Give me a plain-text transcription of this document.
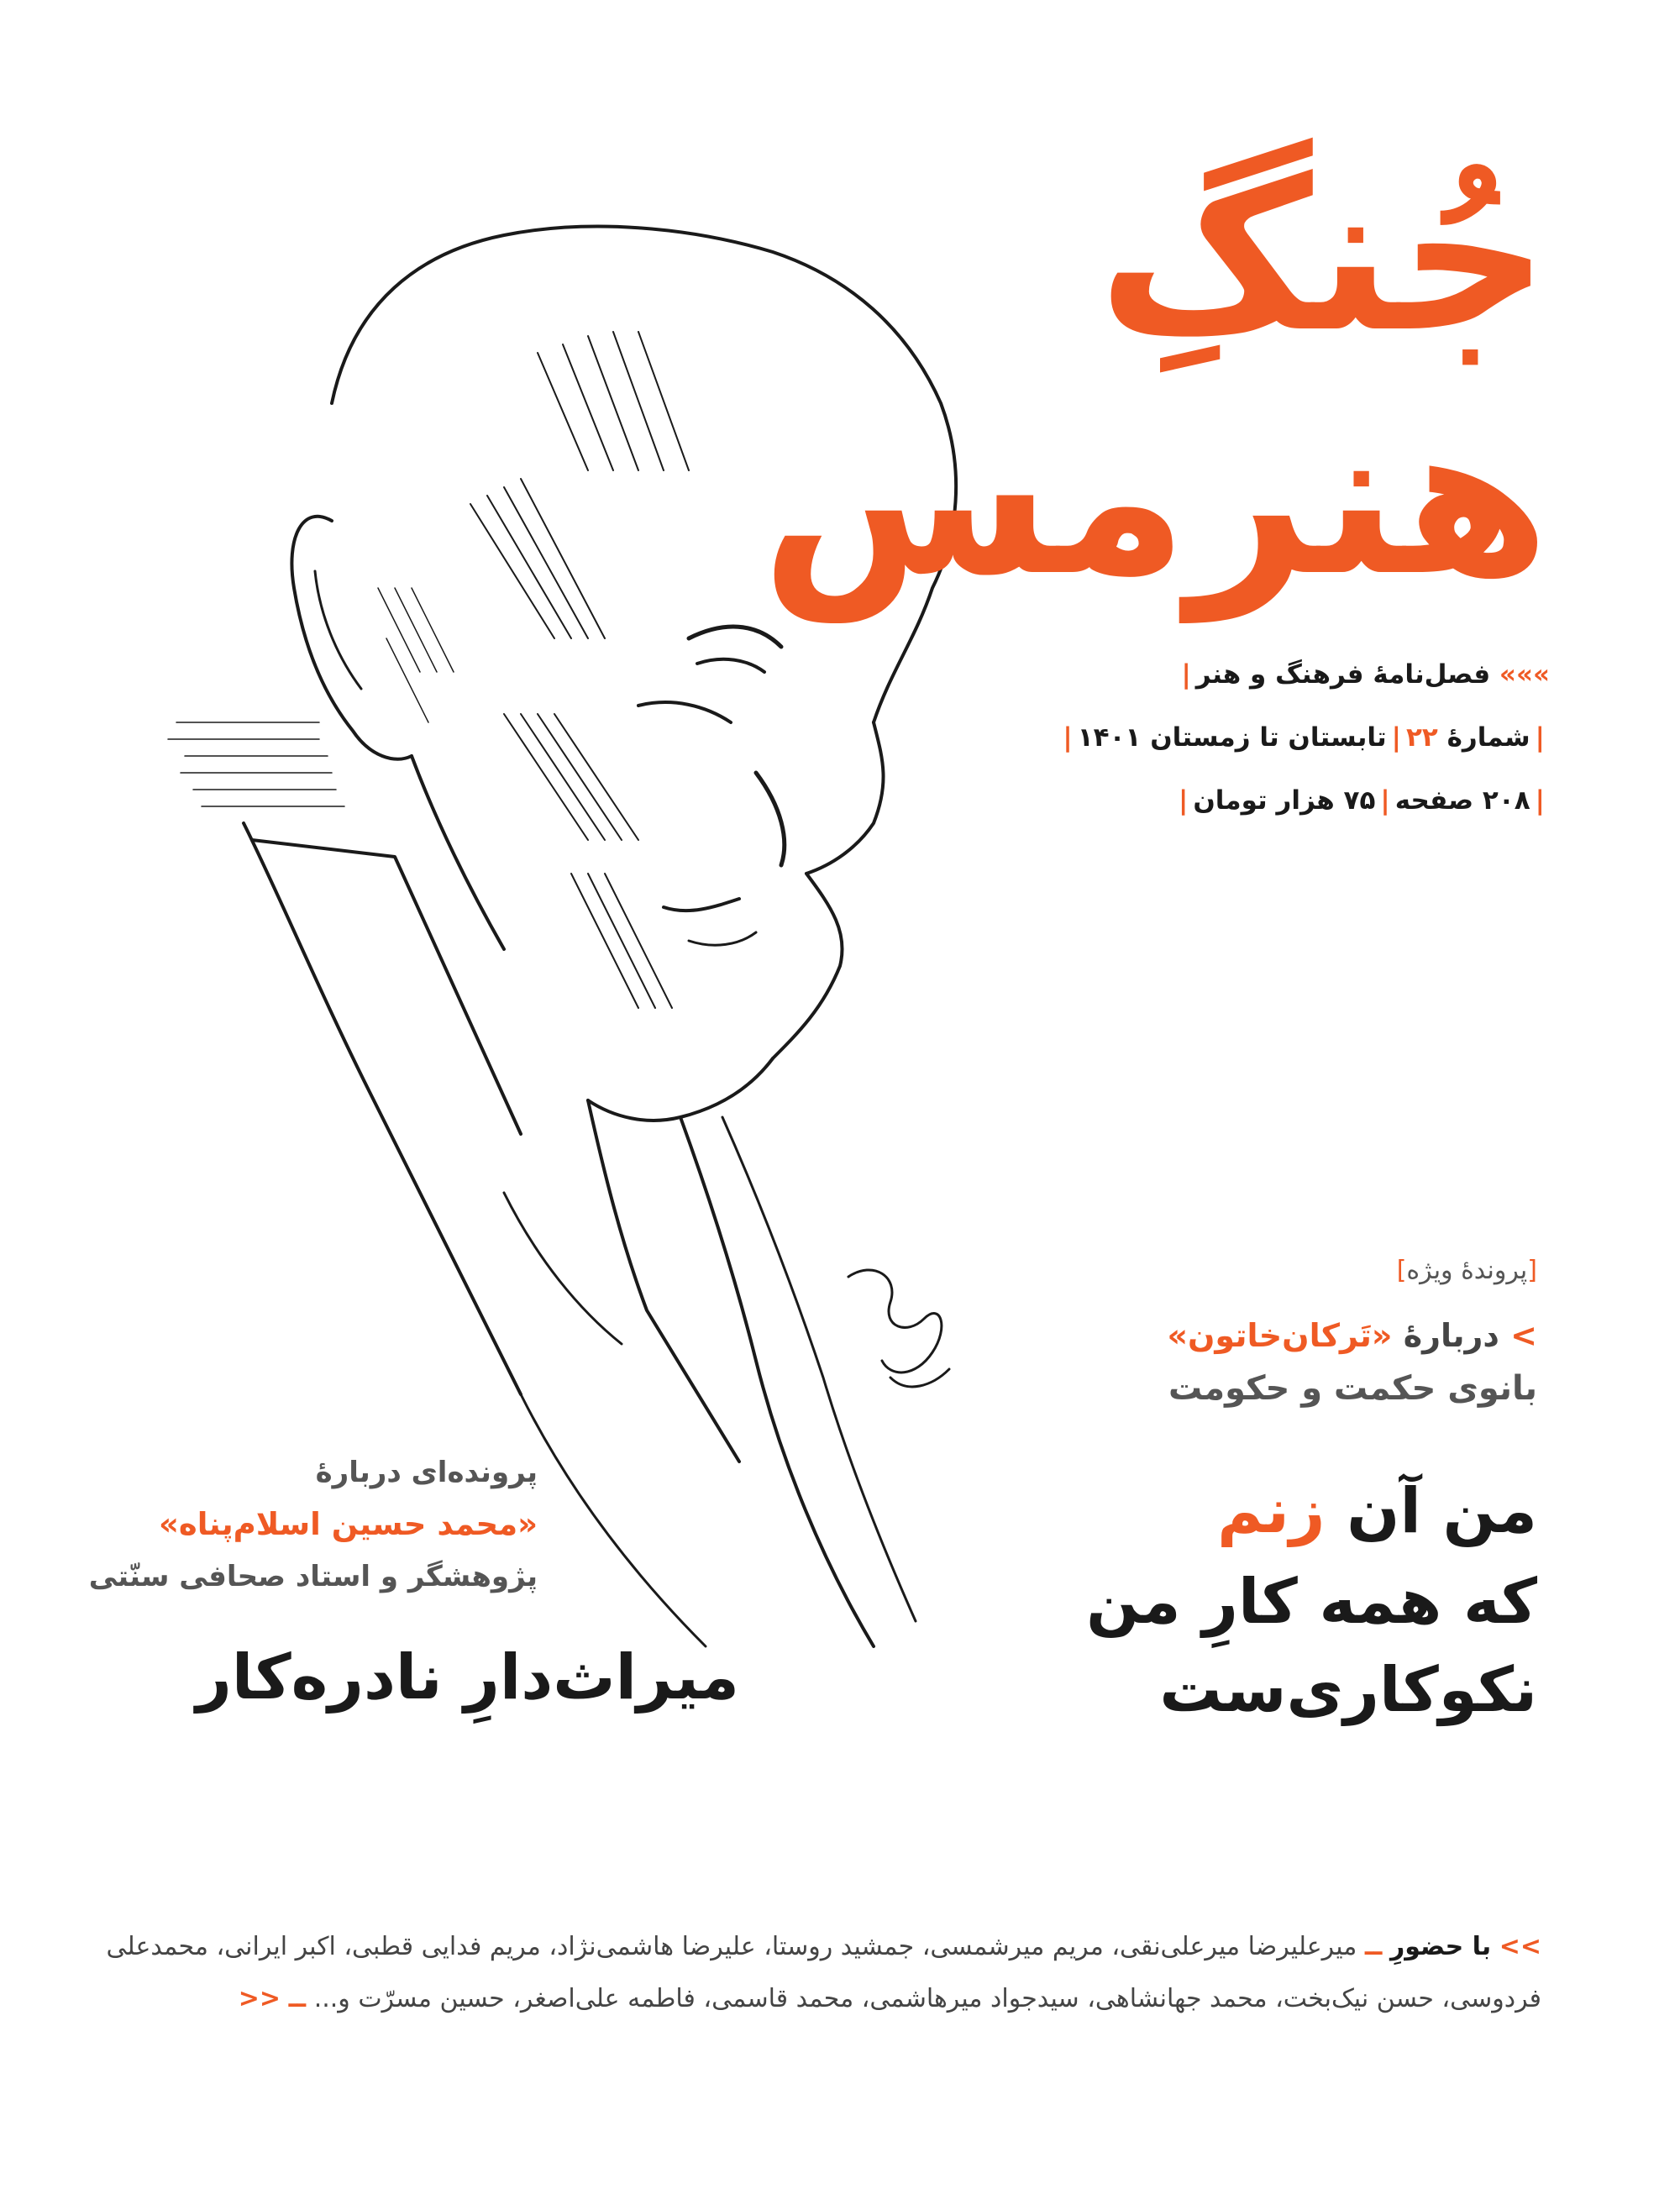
جُنگِ
هنرمس
»»» فصل‌نامهٔ فرهنگ و هنر|
|شمارهٔ ۲۲|تابستان تا زمستان ۱۴۰۱|
|۲۰۸ صفحه|۷۵ هزار تومان|
[پروندهٔ ویژه]
> دربارهٔ «تَرکان‌خاتون»
بانوی حکمت و حکومت
من آن زنم
که همه کارِ من
نکوکاری‌ست
پرونده‌ای دربارهٔ
«محمد حسین اسلام‌پناه»
پژوهشگر و استاد صحافی سنّتی
میراث‌دارِ نادره‌کار
>> با حضورِ ــ میرعلیرضا میرعلی‌نقی، مریم میرشمسی، جمشید روستا، علیرضا هاشمی‌نژاد، مریم فدایی قطبی، اکبر ایرانی، محمدعلی
فردوسی، حسن نیک‌بخت، محمد جهانشاهی، سیدجواد میرهاشمی، محمد قاسمی، فاطمه علی‌اصغر، حسین مسرّت و... ــ <<
